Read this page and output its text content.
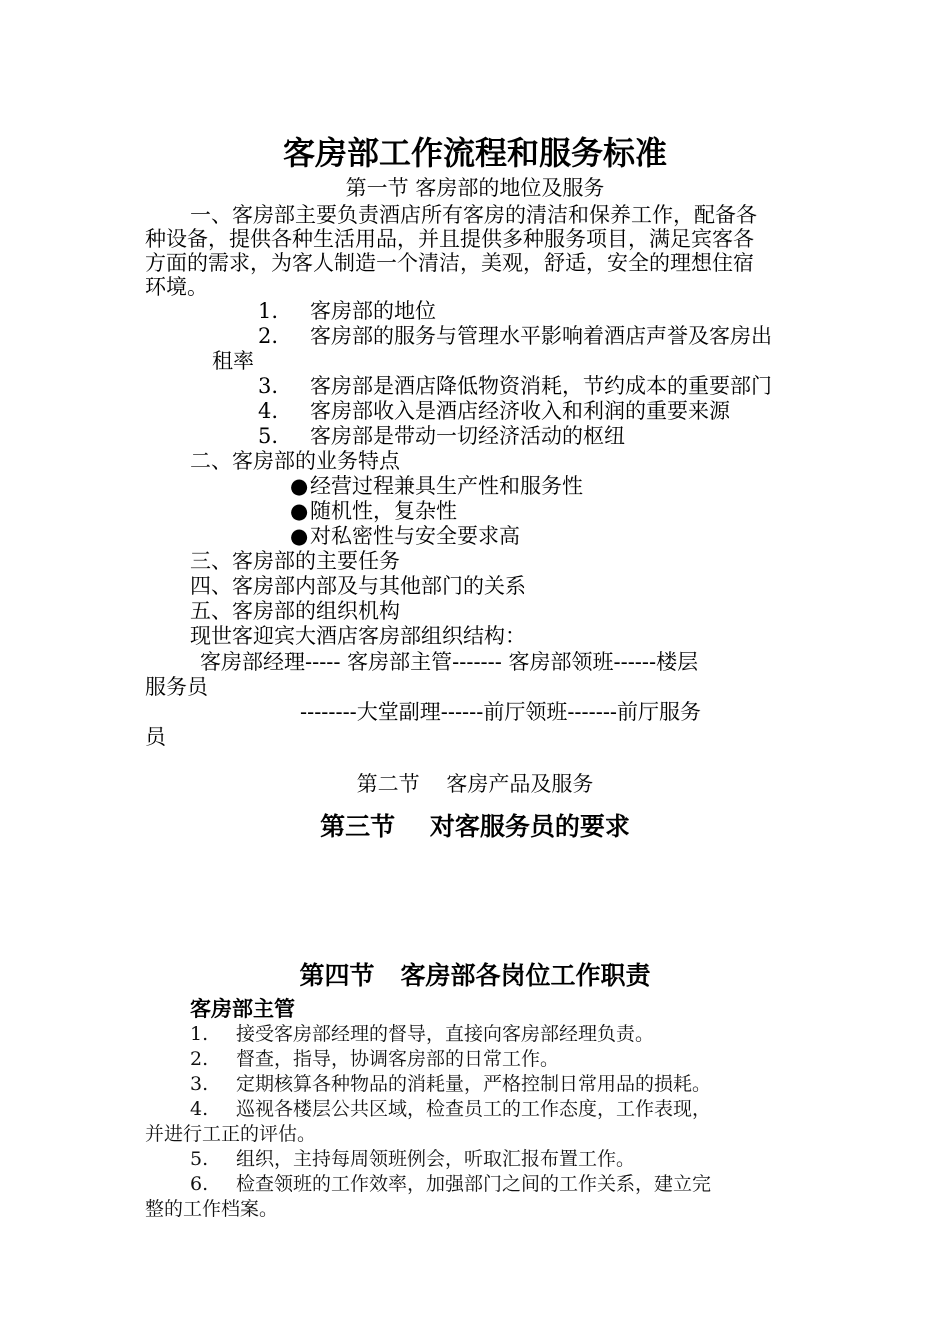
客房部工作流程和服务标准
第一节 客房部的地位及服务
一、客房部主要负责酒店所有客房的清洁和保养工作，配备各
种设备，提供各种生活用品，并且提供多种服务项目，满足宾客各
方面的需求，为客人制造一个清洁，美观，舒适，安全的理想住宿
环境。
1. 客房部的地位
2. 客房部的服务与管理水平影响着酒店声誉及客房出
租率
3. 客房部是酒店降低物资消耗，节约成本的重要部门
4. 客房部收入是酒店经济收入和利润的重要来源
5. 客房部是带动一切经济活动的枢纽
二、客房部的业务特点
●经营过程兼具生产性和服务性
●随机性，复杂性
●对私密性与安全要求高
三、客房部的主要任务
四、客房部内部及与其他部门的关系
五、客房部的组织机构
现世客迎宾大酒店客房部组织结构：
客房部经理----- 客房部主管------- 客房部领班------楼层
服务员
--------大堂副理------前厅领班-------前厅服务
员
第二节    客房产品及服务
第三节    对客服务员的要求
第四节   客房部各岗位工作职责
客房部主管
1. 接受客房部经理的督导，直接向客房部经理负责。
2. 督查，指导，协调客房部的日常工作。
3. 定期核算各种物品的消耗量，严格控制日常用品的损耗。
4. 巡视各楼层公共区域，检查员工的工作态度，工作表现，
并进行工正的评估。
5. 组织，主持每周领班例会，听取汇报布置工作。
6. 检查领班的工作效率，加强部门之间的工作关系，建立完
整的工作档案。
